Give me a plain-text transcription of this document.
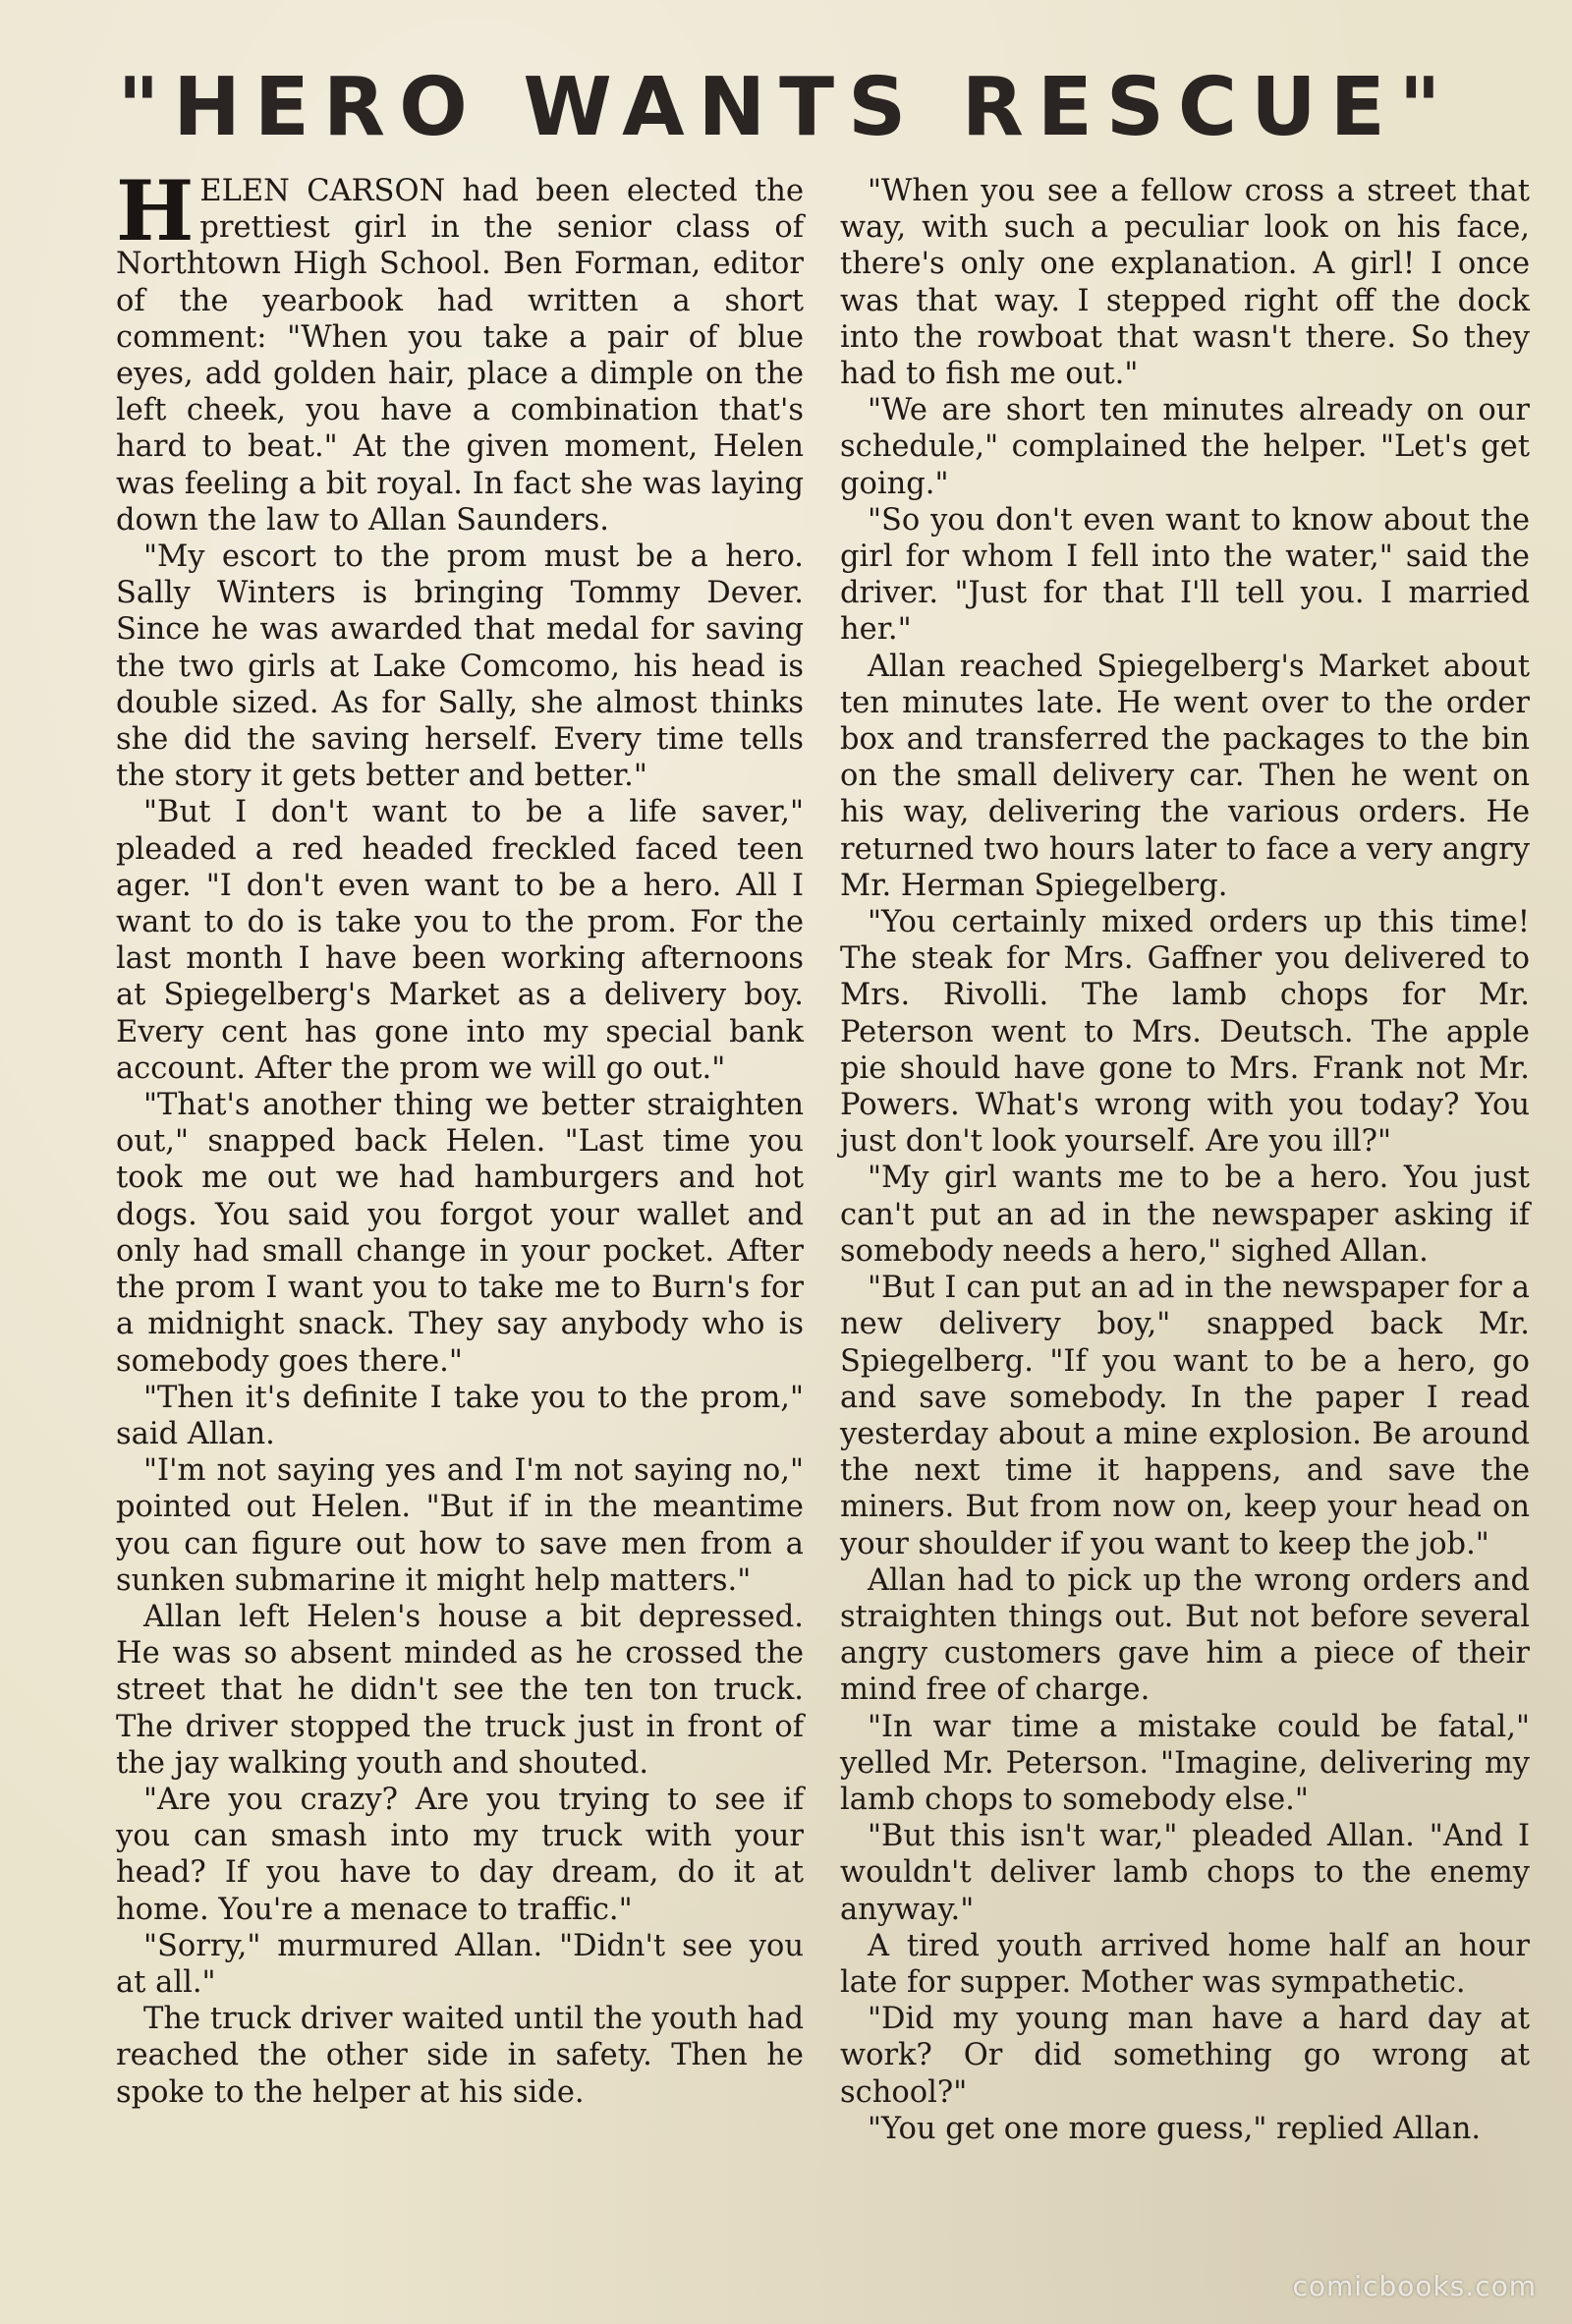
"HERO WANTS RESCUE"

HELEN CARSON had been elected the prettiest girl in the senior class of Northtown High School. Ben Forman, editor of the yearbook had written a short comment: "When you take a pair of blue eyes, add golden hair, place a dimple on the left cheek, you have a combination that's hard to beat." At the given moment, Helen was feeling a bit royal. In fact she was laying down the law to Allan Saunders.

"My escort to the prom must be a hero. Sally Winters is bringing Tommy Dever. Since he was awarded that medal for saving the two girls at Lake Comcomo, his head is double sized. As for Sally, she almost thinks she did the saving herself. Every time tells the story it gets better and better."

"But I don't want to be a life saver," pleaded a red headed freckled faced teen ager. "I don't even want to be a hero. All I want to do is take you to the prom. For the last month I have been working afternoons at Spiegelberg's Market as a delivery boy. Every cent has gone into my special bank account. After the prom we will go out."

"That's another thing we better straighten out," snapped back Helen. "Last time you took me out we had hamburgers and hot dogs. You said you forgot your wallet and only had small change in your pocket. After the prom I want you to take me to Burn's for a midnight snack. They say anybody who is somebody goes there."

"Then it's definite I take you to the prom," said Allan.

"I'm not saying yes and I'm not saying no," pointed out Helen. "But if in the meantime you can figure out how to save men from a sunken submarine it might help matters."

Allan left Helen's house a bit depressed. He was so absent minded as he crossed the street that he didn't see the ten ton truck. The driver stopped the truck just in front of the jay walking youth and shouted.

"Are you crazy? Are you trying to see if you can smash into my truck with your head? If you have to day dream, do it at home. You're a menace to traffic."

"Sorry," murmured Allan. "Didn't see you at all."

The truck driver waited until the youth had reached the other side in safety. Then he spoke to the helper at his side.

"When you see a fellow cross a street that way, with such a peculiar look on his face, there's only one explanation. A girl! I once was that way. I stepped right off the dock into the rowboat that wasn't there. So they had to fish me out."

"We are short ten minutes already on our schedule," complained the helper. "Let's get going."

"So you don't even want to know about the girl for whom I fell into the water," said the driver. "Just for that I'll tell you. I married her."

Allan reached Spiegelberg's Market about ten minutes late. He went over to the order box and transferred the packages to the bin on the small delivery car. Then he went on his way, delivering the various orders. He returned two hours later to face a very angry Mr. Herman Spiegelberg.

"You certainly mixed orders up this time! The steak for Mrs. Gaffner you delivered to Mrs. Rivolli. The lamb chops for Mr. Peterson went to Mrs. Deutsch. The apple pie should have gone to Mrs. Frank not Mr. Powers. What's wrong with you today? You just don't look yourself. Are you ill?"

"My girl wants me to be a hero. You just can't put an ad in the newspaper asking if somebody needs a hero," sighed Allan.

"But I can put an ad in the newspaper for a new delivery boy," snapped back Mr. Spiegelberg. "If you want to be a hero, go and save somebody. In the paper I read yesterday about a mine explosion. Be around the next time it happens, and save the miners. But from now on, keep your head on your shoulder if you want to keep the job."

Allan had to pick up the wrong orders and straighten things out. But not before several angry customers gave him a piece of their mind free of charge.

"In war time a mistake could be fatal," yelled Mr. Peterson. "Imagine, delivering my lamb chops to somebody else."

"But this isn't war," pleaded Allan. "And I wouldn't deliver lamb chops to the enemy anyway."

A tired youth arrived home half an hour late for supper. Mother was sympathetic.

"Did my young man have a hard day at work? Or did something go wrong at school?"

"You get one more guess," replied Allan.

comicbooks.com
